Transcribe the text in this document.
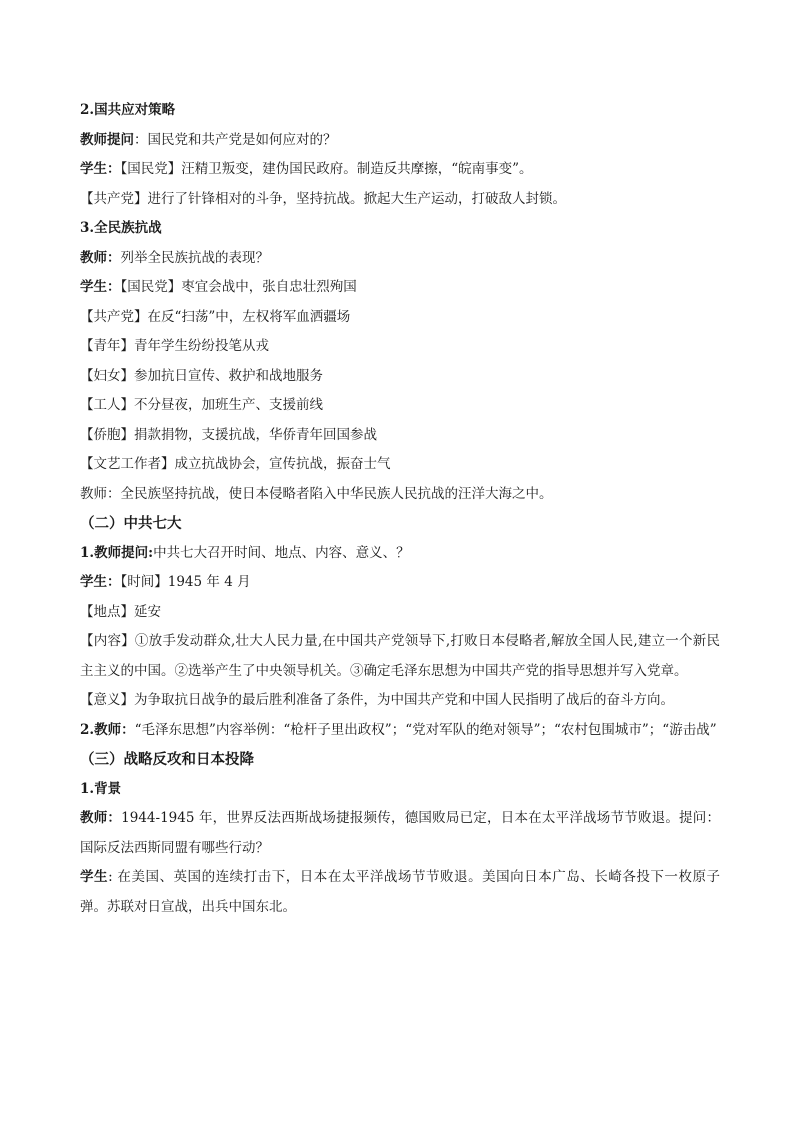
2.国共应对策略
教师提问：国民党和共产党是如何应对的？
学生：【国民党】汪精卫叛变，建伪国民政府。制造反共摩擦，“皖南事变”。
【共产党】进行了针锋相对的斗争，坚持抗战。掀起大生产运动，打破敌人封锁。
3.全民族抗战
教师：列举全民族抗战的表现？
学生：【国民党】枣宜会战中，张自忠壮烈殉国
【共产党】在反“扫荡”中，左权将军血洒疆场
【青年】青年学生纷纷投笔从戎
【妇女】参加抗日宣传、救护和战地服务
【工人】不分昼夜，加班生产、支援前线
【侨胞】捐款捐物，支援抗战，华侨青年回国参战
【文艺工作者】成立抗战协会，宣传抗战，振奋士气
教师：全民族坚持抗战，使日本侵略者陷入中华民族人民抗战的汪洋大海之中。
（二）中共七大
1.教师提问:中共七大召开时间、地点、内容、意义、？
学生：【时间】1945 年 4 月
【地点】延安
【内容】①放手发动群众,壮大人民力量,在中国共产党领导下,打败日本侵略者,解放全国人民,建立一个新民主主义的中国。②选举产生了中央领导机关。③确定毛泽东思想为中国共产党的指导思想并写入党章。
【意义】为争取抗日战争的最后胜利准备了条件，为中国共产党和中国人民指明了战后的奋斗方向。
2.教师：“毛泽东思想”内容举例：“枪杆子里出政权”；“党对军队的绝对领导”；“农村包围城市”；“游击战”
（三）战略反攻和日本投降
1.背景
教师：1944-1945 年，世界反法西斯战场捷报频传，德国败局已定，日本在太平洋战场节节败退。提问：国际反法西斯同盟有哪些行动？
学生: 在美国、英国的连续打击下，日本在太平洋战场节节败退。美国向日本广岛、长崎各投下一枚原子弹。苏联对日宣战，出兵中国东北。
